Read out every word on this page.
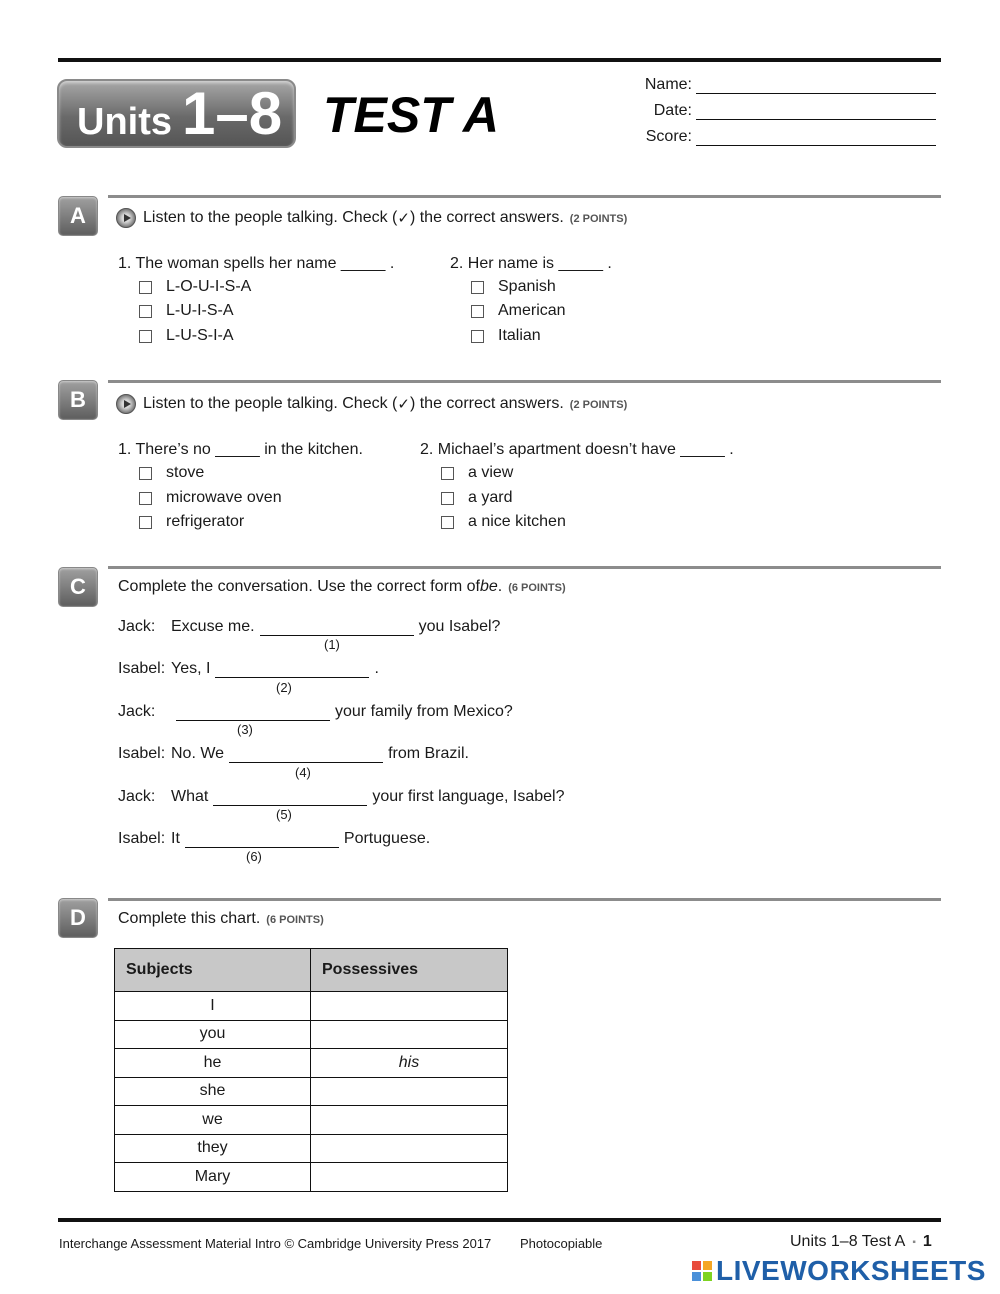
Units 1–8 TEST A
Name:
Date:
Score:
A	Listen to the people talking. Check ( ✓ ) the correct answers. (2 POINTS)
1. The woman spells her name _____ .
L-O-U-I-S-A
L-U-I-S-A
L-U-S-I-A
2. Her name is _____ .
Spanish
American
Italian
B	Listen to the people talking. Check ( ✓ ) the correct answers. (2 POINTS)
1. There’s no _____ in the kitchen.
stove
microwave oven
refrigerator
2. Michael’s apartment doesn’t have _____ .
a view
a yard
a nice kitchen
C	Complete the conversation. Use the correct form of be . (6 POINTS)
Jack: Excuse me.	you Isabel?
(1)
Isabel: Yes, I	.
(2)
Jack:	your family from Mexico?
(3)
Isabel: No. We	from Brazil.
(4)
Jack: What	your first language, Isabel?
(5)
Isabel: It	Portuguese.
(6)
D	Complete this chart. (6 POINTS)
Subjects	Possessives
I	
you	
he	his
she	
we	
they	
Mary	
Interchange Assessment Material Intro © Cambridge University Press 2017 Photocopiable	Units 1–8 Test A ▪ 1
LIVEWORKSHEETS
